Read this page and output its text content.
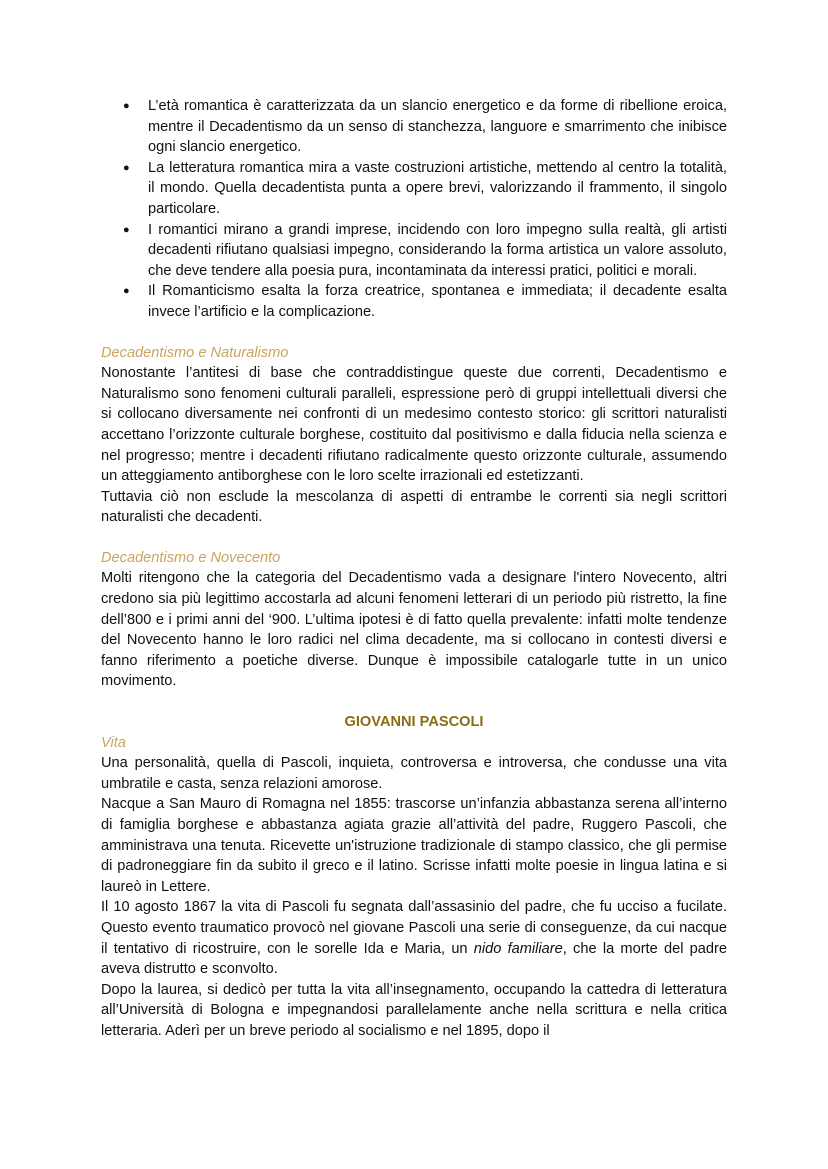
● L’età romantica è caratterizzata da un slancio energetico e da forme di ribellione eroica, mentre il Decadentismo da un senso di stanchezza, languore e smarrimento che inibisce ogni slancio energetico.
● La letteratura romantica mira a vaste costruzioni artistiche, mettendo al centro la totalità, il mondo. Quella decadentista punta a opere brevi, valorizzando il frammento, il singolo particolare.
● I romantici mirano a grandi imprese, incidendo con loro impegno sulla realtà, gli artisti decadenti rifiutano qualsiasi impegno, considerando la forma artistica un valore assoluto, che deve tendere alla poesia pura, incontaminata da interessi pratici, politici e morali.
● Il Romanticismo esalta la forza creatrice, spontanea e immediata; il decadente esalta invece l’artificio e la complicazione.
Decadentismo e Naturalismo

Nonostante l’antitesi di base che contraddistingue queste due correnti, Decadentismo e Naturalismo sono fenomeni culturali paralleli, espressione però di gruppi intellettuali diversi che si collocano diversamente nei confronti di un medesimo contesto storico: gli scrittori naturalisti accettano l’orizzonte culturale borghese, costituito dal positivismo e dalla fiducia nella scienza e nel progresso; mentre i decadenti rifiutano radicalmente questo orizzonte culturale, assumendo un atteggiamento antiborghese con le loro scelte irrazionali ed estetizzanti.

Tuttavia ciò non esclude la mescolanza di aspetti di entrambe le correnti sia negli scrittori naturalisti che decadenti.

Decadentismo e Novecento

Molti ritengono che la categoria del Decadentismo vada a designare l'intero Novecento, altri credono sia più legittimo accostarla ad alcuni fenomeni letterari di un periodo più ristretto, la fine dell’800 e i primi anni del ‘900. L’ultima ipotesi è di fatto quella prevalente: infatti molte tendenze del Novecento hanno le loro radici nel clima decadente, ma si collocano in contesti diversi e fanno riferimento a poetiche diverse. Dunque è impossibile catalogarle tutte in un unico movimento.

GIOVANNI PASCOLI
Vita

Una personalità, quella di Pascoli, inquieta, controversa e introversa, che condusse una vita umbratile e casta, senza relazioni amorose.

Nacque a San Mauro di Romagna nel 1855: trascorse un’infanzia abbastanza serena all’interno di famiglia borghese e abbastanza agiata grazie all’attività del padre, Ruggero Pascoli, che amministrava una tenuta. Ricevette un'istruzione tradizionale di stampo classico, che gli permise di padroneggiare fin da subito il greco e il latino. Scrisse infatti molte poesie in lingua latina e si laureò in Lettere.

Il 10 agosto 1867 la vita di Pascoli fu segnata dall’assasinio del padre, che fu ucciso a fucilate. Questo evento traumatico provocò nel giovane Pascoli una serie di conseguenze, da cui nacque il tentativo di ricostruire, con le sorelle Ida e Maria, un nido familiare, che la morte del padre aveva distrutto e sconvolto.

Dopo la laurea, si dedicò per tutta la vita all’insegnamento, occupando la cattedra di letteratura all’Università di Bologna e impegnandosi parallelamente anche nella scrittura e nella critica letteraria. Aderì per un breve periodo al socialismo e nel 1895, dopo il
